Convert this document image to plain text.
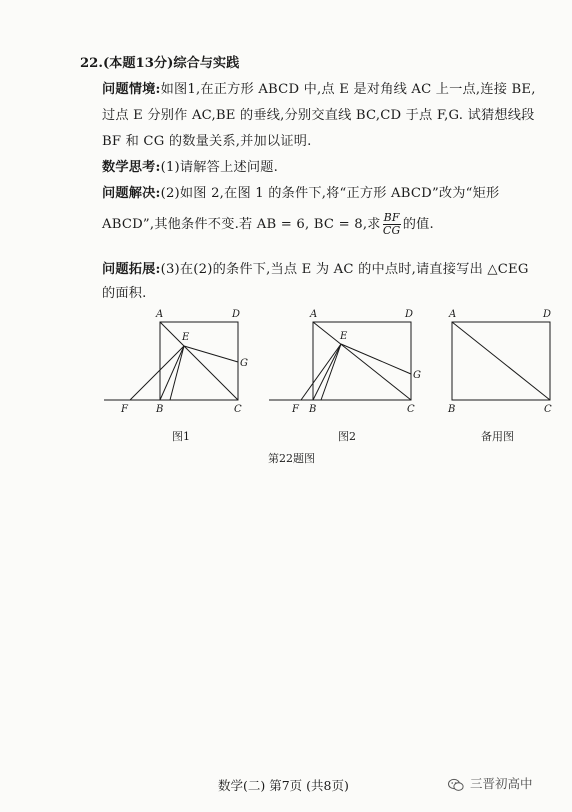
22.(本题13分)综合与实践
问题情境:如图1,在正方形 ABCD 中,点 E 是对角线 AC 上一点,连接 BE,
过点 E 分别作 AC,BE 的垂线,分别交直线 BC,CD 于点 F,G. 试猜想线段
BF 和 CG 的数量关系,并加以证明.
数学思考:(1)请解答上述问题.
问题解决:(2)如图 2,在图 1 的条件下,将“正方形 ABCD”改为“矩形
ABCD”,其他条件不变.若 AB = 6, BC = 8,求 $\frac{BF}{CG}$ 的值.
问题拓展:(3)在(2)的条件下,当点 E 为 AC 的中点时,请直接写出 △CEG
的面积.
A	D
E
G
F	B	C
图1
A	D
E
G
F B	C
图2
A	D
B	C
备用图
第22题图
数学(二) 第7页 (共8页)	三晋初高中
